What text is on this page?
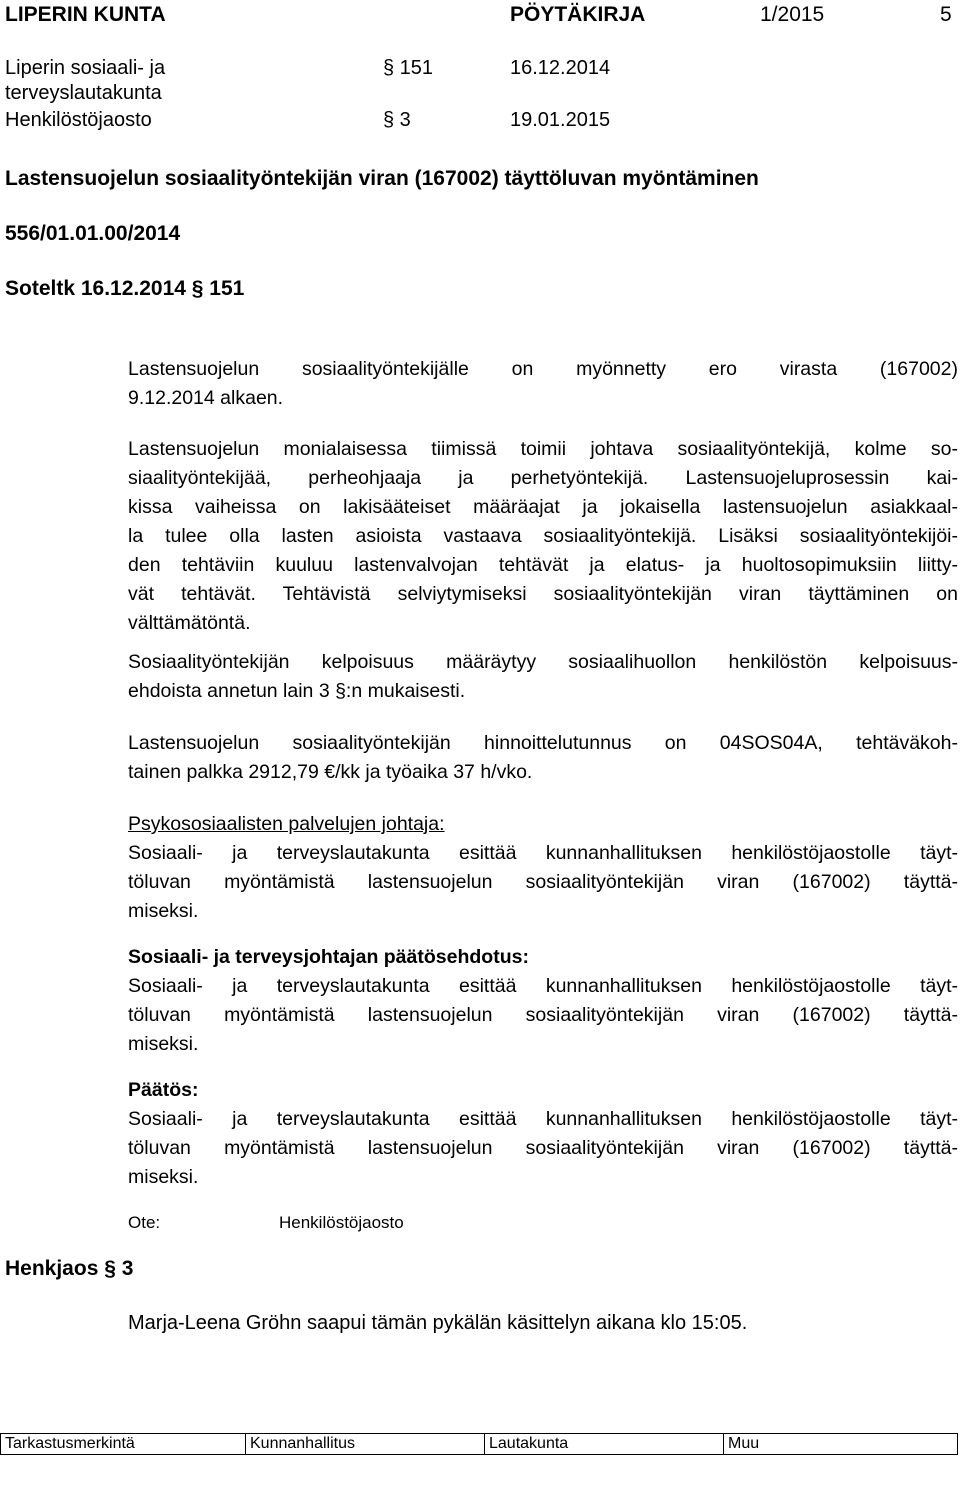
LIPERIN KUNTA	PÖYTÄKIRJA	1/2015	5
Liperin sosiaali- ja	§ 151	16.12.2014
terveyslautakunta
Henkilöstöjaosto	§ 3	19.01.2015
Lastensuojelun sosiaalityöntekijän viran (167002) täyttöluvan myöntäminen
556/01.01.00/2014
Soteltk 16.12.2014 § 151
Lastensuojelun sosiaalityöntekijälle on myönnetty ero virasta (167002)
9.12.2014 alkaen.
Lastensuojelun monialaisessa tiimissä toimii johtava sosiaalityöntekijä, kolme so-
siaalityöntekijää, perheohjaaja ja perhetyöntekijä. Lastensuojeluprosessin kai-
kissa vaiheissa on lakisääteiset määräajat ja jokaisella lastensuojelun asiakkaal-
la tulee olla lasten asioista vastaava sosiaalityöntekijä. Lisäksi sosiaalityöntekijöi-
den tehtäviin kuuluu lastenvalvojan tehtävät ja elatus- ja huoltosopimuksiin liitty-
vät tehtävät. Tehtävistä selviytymiseksi sosiaalityöntekijän viran täyttäminen on
välttämätöntä.
Sosiaalityöntekijän kelpoisuus määräytyy sosiaalihuollon henkilöstön kelpoisuus-
ehdoista annetun lain 3 §:n mukaisesti.
Lastensuojelun sosiaalityöntekijän hinnoittelutunnus on 04SOS04A, tehtäväkoh-
tainen palkka 2912,79 €/kk ja työaika 37 h/vko.
Psykososiaalisten palvelujen johtaja:
Sosiaali- ja terveyslautakunta esittää kunnanhallituksen henkilöstöjaostolle täyt-
töluvan myöntämistä lastensuojelun sosiaalityöntekijän viran (167002) täyttä-
miseksi.
Sosiaali- ja terveysjohtajan päätösehdotus:
Sosiaali- ja terveyslautakunta esittää kunnanhallituksen henkilöstöjaostolle täyt-
töluvan myöntämistä lastensuojelun sosiaalityöntekijän viran (167002) täyttä-
miseksi.
Päätös:
Sosiaali- ja terveyslautakunta esittää kunnanhallituksen henkilöstöjaostolle täyt-
töluvan myöntämistä lastensuojelun sosiaalityöntekijän viran (167002) täyttä-
miseksi.
Ote:	Henkilöstöjaosto
Henkjaos § 3
Marja-Leena Gröhn saapui tämän pykälän käsittelyn aikana klo 15:05.
Tarkastusmerkintä	Kunnanhallitus	Lautakunta	Muu
